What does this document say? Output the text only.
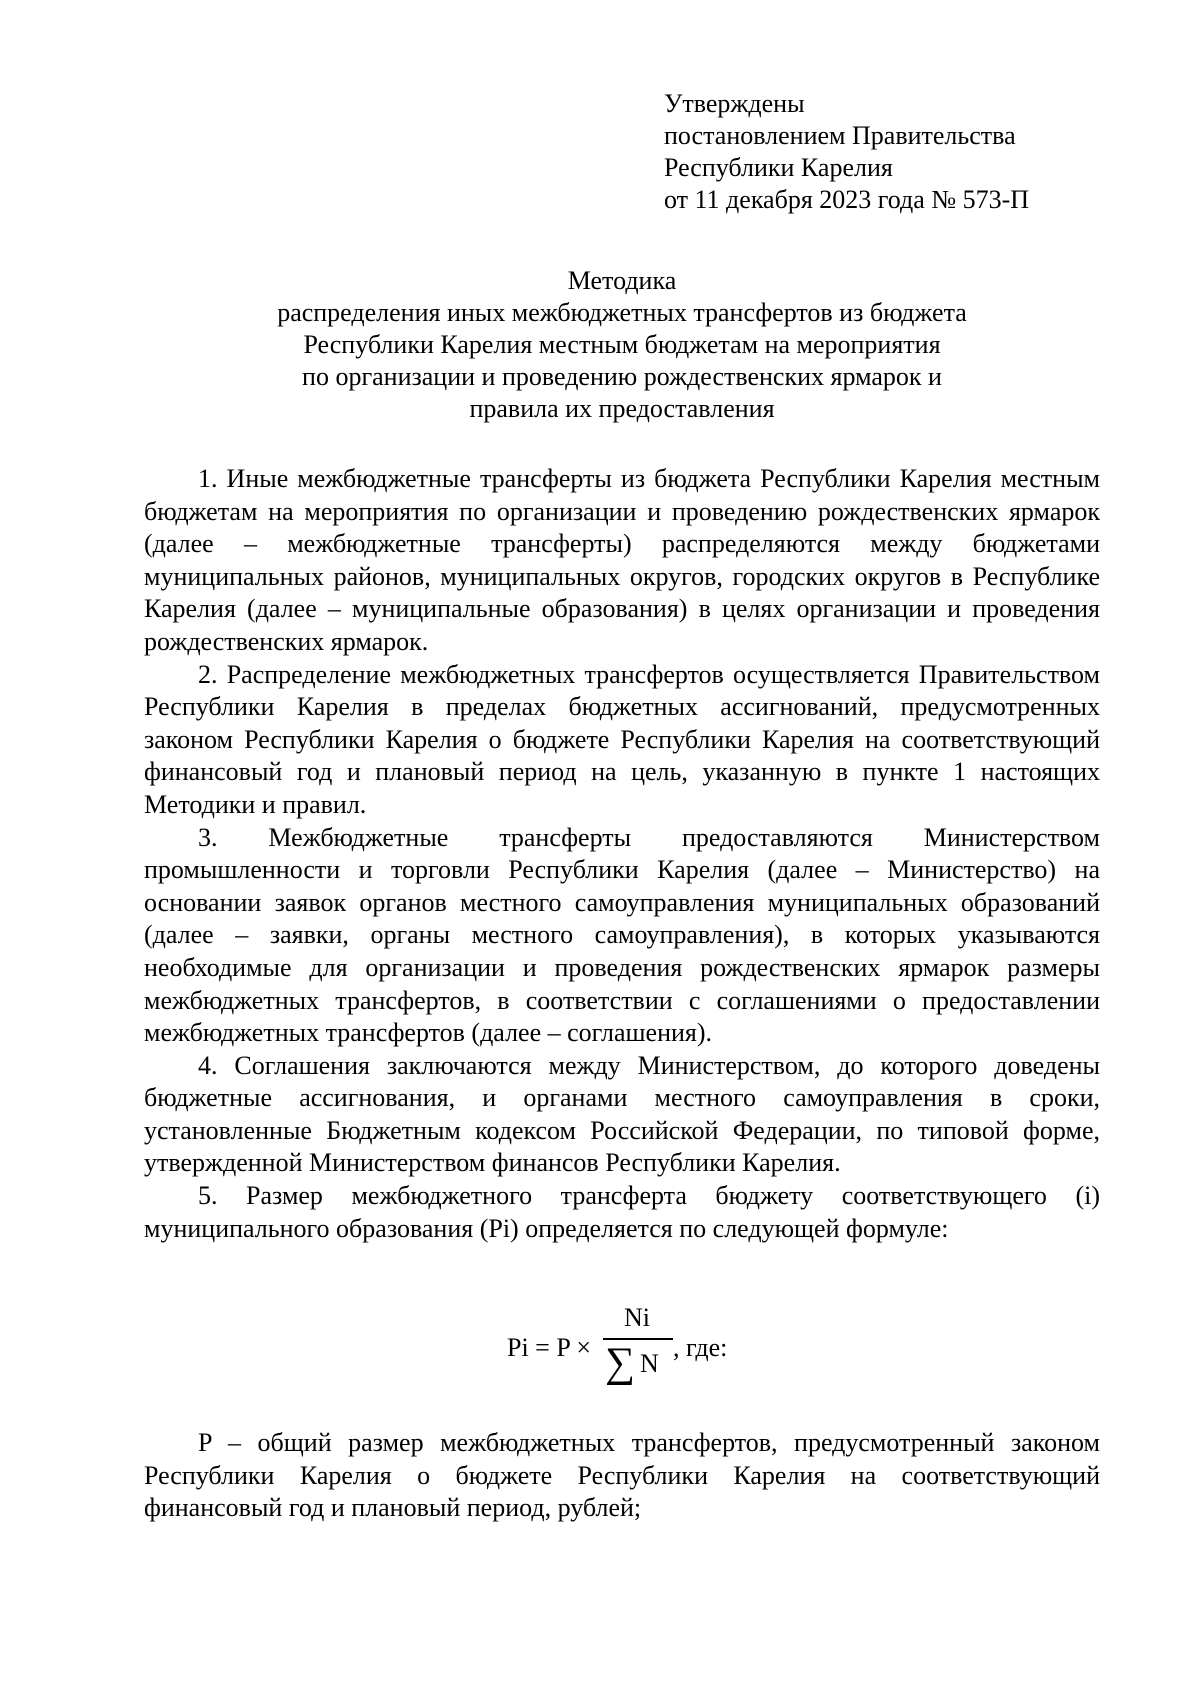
Утверждены
постановлением Правительства
Республики Карелия
от 11 декабря 2023 года № 573-П
Методика
распределения иных межбюджетных трансфертов из бюджета
Республики Карелия местным бюджетам на мероприятия
по организации и проведению рождественских ярмарок и
правила их предоставления

1. Иные межбюджетные трансферты из бюджета Республики Карелия местным бюджетам на мероприятия по организации и проведению рождественских ярмарок (далее – межбюджетные трансферты) распределяются между бюджетами муниципальных районов, муниципальных округов, городских округов в Республике Карелия (далее – муниципальные образования) в целях организации и проведения рождественских ярмарок.

2. Распределение межбюджетных трансфертов осуществляется Правительством Республики Карелия в пределах бюджетных ассигнований, предусмотренных законом Республики Карелия о бюджете Республики Карелия на соответствующий финансовый год и плановый период на цель, указанную в пункте 1 настоящих Методики и правил.

3. Межбюджетные трансферты предоставляются Министерством промышленности и торговли Республики Карелия (далее – Министерство) на основании заявок органов местного самоуправления муниципальных образований (далее – заявки, органы местного самоуправления), в которых указываются необходимые для организации и проведения рождественских ярмарок размеры межбюджетных трансфертов, в соответствии с соглашениями о предоставлении межбюджетных трансфертов (далее – соглашения).

4. Соглашения заключаются между Министерством, до которого доведены бюджетные ассигнования, и органами местного самоуправления в сроки, установленные Бюджетным кодексом Российской Федерации, по типовой форме, утвержденной Министерством финансов Республики Карелия.

5. Размер межбюджетного трансферта бюджету соответствующего (i) муниципального образования (Pi) определяется по следующей формуле:

Pi = P ×
Ni
∑ N
, где:

P – общий размер межбюджетных трансфертов, предусмотренный законом Республики Карелия о бюджете Республики Карелия на соответствующий финансовый год и плановый период, рублей;
